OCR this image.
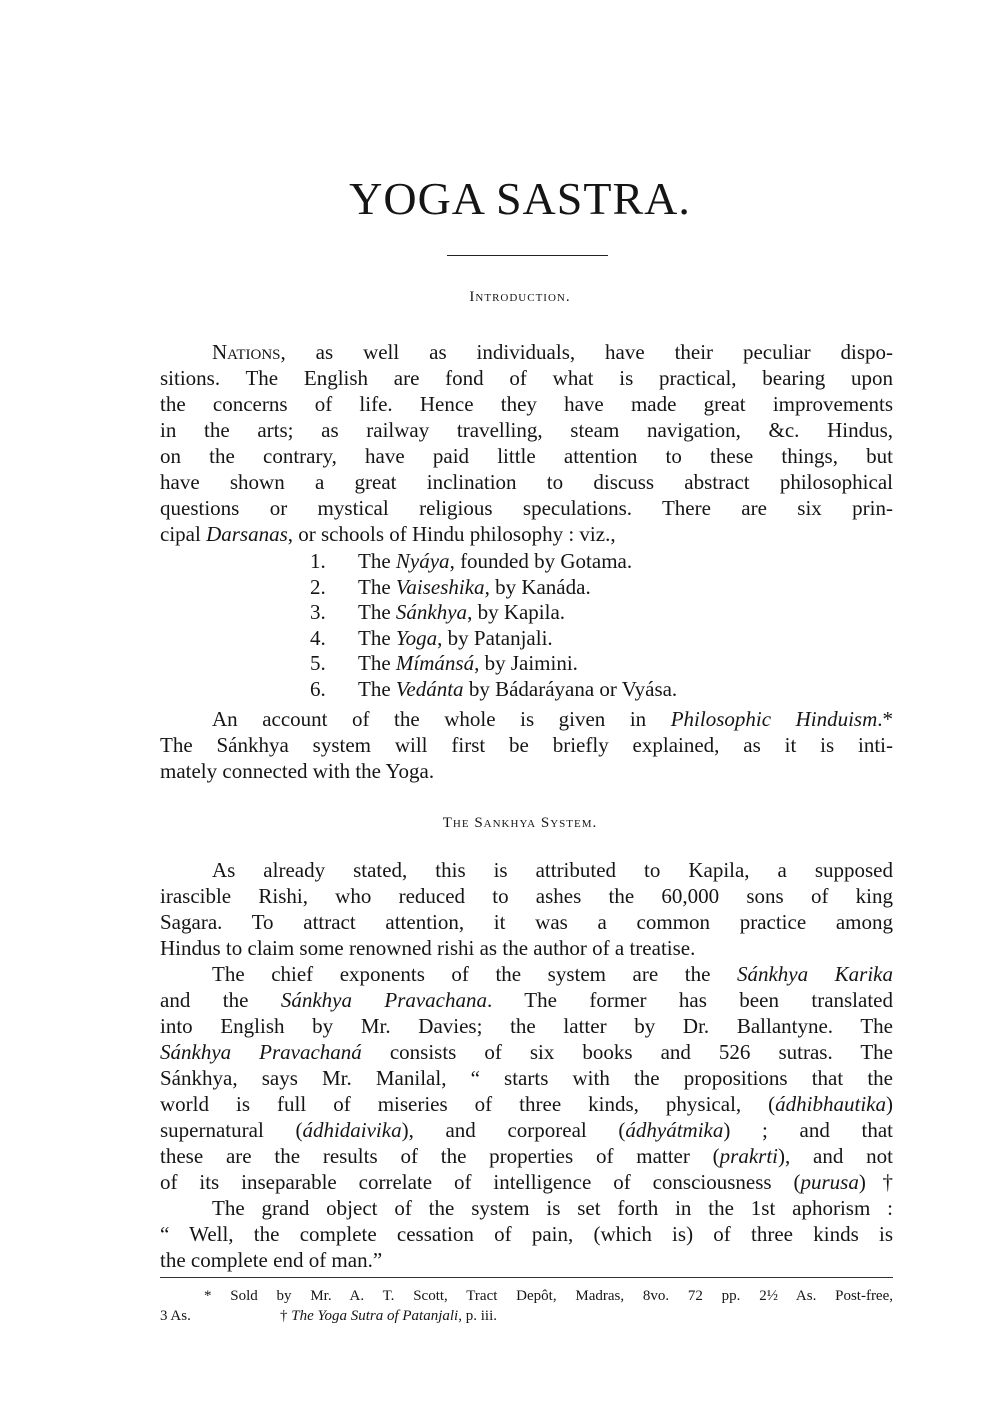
YOGA SASTRA.
Introduction.
Nations, as well as individuals, have their peculiar dispo-
sitions. The English are fond of what is practical, bearing upon
the concerns of life. Hence they have made great improvements
in the arts; as railway travelling, steam navigation, &c. Hindus,
on the contrary, have paid little attention to these things, but
have shown a great inclination to discuss abstract philosophical
questions or mystical religious speculations. There are six prin-
cipal Darsanas, or schools of Hindu philosophy : viz.,
1.	The Nyáya , founded by Gotama.
2.	The Vaiseshika , by Kanáda.
3.	The Sánkhya , by Kapila.
4.	The Yoga , by Patanjali.
5.	The Mímánsá , by Jaimini.
6.	The Vedánta by Bádaráyana or Vyása.
An account of the whole is given in Philosophic Hinduism.*
The Sánkhya system will first be briefly explained, as it is inti-
mately connected with the Yoga.
The Sankhya System.
As already stated, this is attributed to Kapila, a supposed
irascible Rishi, who reduced to ashes the 60,000 sons of king
Sagara. To attract attention, it was a common practice among
Hindus to claim some renowned rishi as the author of a treatise.
The chief exponents of the system are the Sánkhya Karika
and the Sánkhya Pravachana. The former has been translated
into English by Mr. Davies; the latter by Dr. Ballantyne. The
Sánkhya Pravachaná consists of six books and 526 sutras. The
Sánkhya, says Mr. Manilal, “ starts with the propositions that the
world is full of miseries of three kinds, physical, (ádhibhautika)
supernatural (ádhidaivika), and corporeal (ádhyátmika) ; and that
these are the results of the properties of matter (prakrti), and not
of its inseparable correlate of intelligence of consciousness (purusa)†
The grand object of the system is set forth in the 1st aphorism :
“ Well, the complete cessation of pain, (which is) of three kinds is
the complete end of man.”
* Sold by Mr. A. T. Scott, Tract Depôt, Madras, 8vo. 72 pp. 2½ As. Post-free,
3 As.	† The Yoga Sutra of Patanjali, p. iii.
